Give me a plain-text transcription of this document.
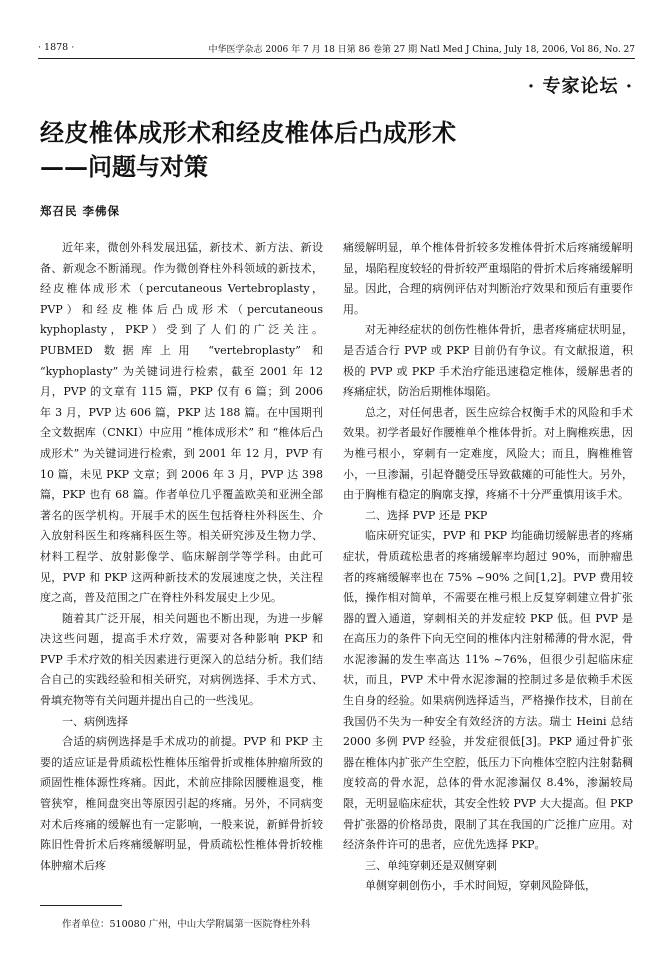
· 1878 ·	中华医学杂志 2006 年 7 月 18 日第 86 卷第 27 期 Natl Med J China, July 18, 2006, Vol 86, No. 27
· 专家论坛 ·
经皮椎体成形术和经皮椎体后凸成形术
——问题与对策
郑召民 李佛保

近年来，微创外科发展迅猛，新技术、新方法、新设备、新观念不断涌现。作为微创脊柱外科领域的新技术，经皮椎体成形术（percutaneous Vertebroplasty，PVP）和经皮椎体后凸成形术（percutaneous kyphoplasty，PKP）受到了人们的广泛关注。PUBMED 数据库上用 “vertebroplasty” 和 “kyphoplasty” 为关键词进行检索，截至 2001 年 12 月，PVP 的文章有 115 篇，PKP 仅有 6 篇；到 2006 年 3 月，PVP 达 606 篇，PKP 达 188 篇。在中国期刊全文数据库（CNKI）中应用 “椎体成形术” 和 “椎体后凸成形术” 为关键词进行检索，到 2001 年 12 月，PVP 有 10 篇，未见 PKP 文章；到 2006 年 3 月，PVP 达 398 篇，PKP 也有 68 篇。作者单位几乎覆盖欧美和亚洲全部著名的医学机构。开展手术的医生包括脊柱外科医生、介入放射科医生和疼痛科医生等。相关研究涉及生物力学、材料工程学、放射影像学、临床解剖学等学科。由此可见，PVP 和 PKP 这两种新技术的发展速度之快，关注程度之高，普及范围之广在脊柱外科发展史上少见。

随着其广泛开展，相关问题也不断出现，为进一步解决这些问题，提高手术疗效，需要对各种影响 PKP 和 PVP 手术疗效的相关因素进行更深入的总结分析。我们结合自己的实践经验和相关研究，对病例选择、手术方式、骨填充物等有关问题并提出自己的一些浅见。

一、病例选择

合适的病例选择是手术成功的前提。PVP 和 PKP 主要的适应证是骨质疏松性椎体压缩骨折或椎体肿瘤所致的顽固性椎体源性疼痛。因此，术前应排除因腰椎退变，椎管狭窄，椎间盘突出等原因引起的疼痛。另外，不同病变对术后疼痛的缓解也有一定影响，一般来说，新鲜骨折较陈旧性骨折术后疼痛缓解明显，骨质疏松性椎体骨折较椎体肿瘤术后疼

痛缓解明显，单个椎体骨折较多发椎体骨折术后疼痛缓解明显，塌陷程度较轻的骨折较严重塌陷的骨折术后疼痛缓解明显。因此，合理的病例评估对判断治疗效果和预后有重要作用。

对无神经症状的创伤性椎体骨折，患者疼痛症状明显，是否适合行 PVP 或 PKP 目前仍有争议。有文献报道，积极的 PVP 或 PKP 手术治疗能迅速稳定椎体，缓解患者的疼痛症状，防治后期椎体塌陷。

总之，对任何患者，医生应综合权衡手术的风险和手术效果。初学者最好作腰椎单个椎体骨折。对上胸椎疾患，因为椎弓根小，穿刺有一定难度，风险大；而且，胸椎椎管小，一旦渗漏，引起脊髓受压导致截瘫的可能性大。另外，由于胸椎有稳定的胸廓支撑，疼痛不十分严重慎用该手术。

二、选择 PVP 还是 PKP

临床研究证实，PVP 和 PKP 均能确切缓解患者的疼痛症状，骨质疏松患者的疼痛缓解率均超过 90%，而肿瘤患者的疼痛缓解率也在 75% ~90% 之间[1,2]。PVP 费用较低，操作相对简单，不需要在椎弓根上反复穿刺建立骨扩张器的置入通道，穿刺相关的并发症较 PKP 低。但 PVP 是在高压力的条件下向无空间的椎体内注射稀薄的骨水泥，骨水泥渗漏的发生率高达 11% ~76%，但很少引起临床症状，而且，PVP 术中骨水泥渗漏的控制过多是依赖手术医生自身的经验。如果病例选择适当，严格操作技术，目前在我国仍不失为一种安全有效经济的方法。瑞士 Heini 总结 2000 多例 PVP 经验，并发症很低[3]。PKP 通过骨扩张器在椎体内扩张产生空腔，低压力下向椎体空腔内注射黏稠度较高的骨水泥，总体的骨水泥渗漏仅 8.4%，渗漏较局限，无明显临床症状，其安全性较 PVP 大大提高。但 PKP 骨扩张器的价格昂贵，限制了其在我国的广泛推广应用。对经济条件许可的患者，应优先选择 PKP。

三、单纯穿刺还是双侧穿刺

单侧穿刺创伤小，手术时间短，穿刺风险降低，

作者单位：510080 广州，中山大学附属第一医院脊柱外科
